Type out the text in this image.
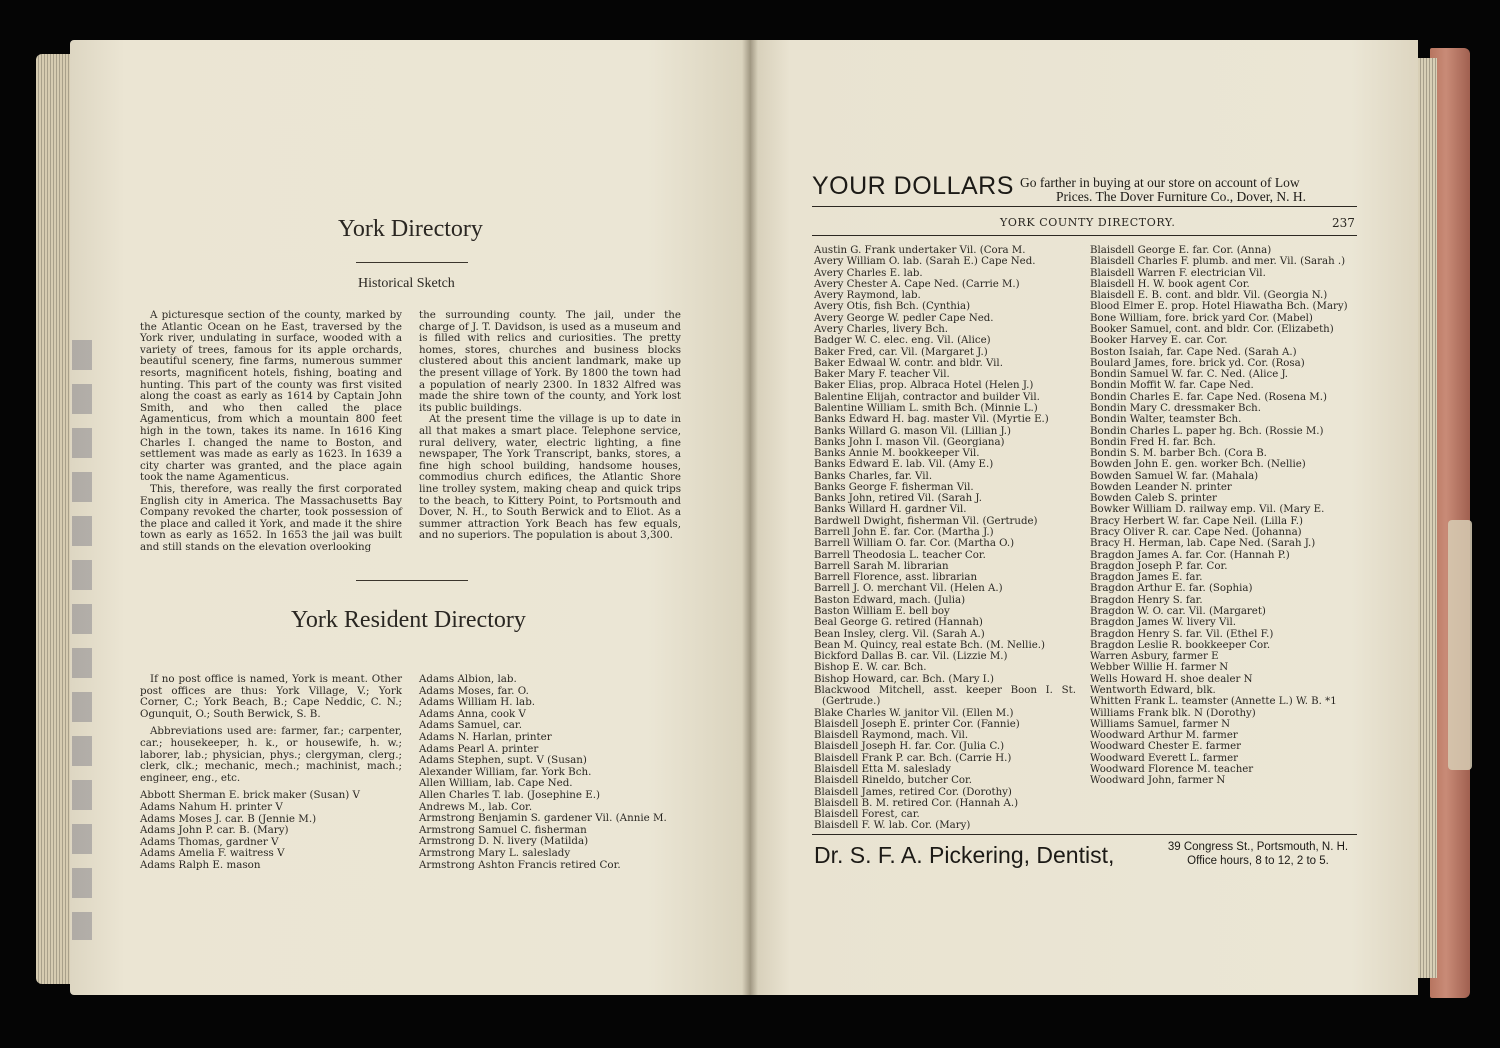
York Directory
Historical Sketch

A picturesque section of the county, marked by the Atlantic Ocean on he East, traversed by the York river, undulating in surface, wooded with a variety of trees, famous for its apple orchards, beautiful scenery, fine farms, numerous summer resorts, magnificent hotels, fishing, boating and hunting. This part of the county was first visited along the coast as early as 1614 by Captain John Smith, and who then called the place Agamenticus, from which a mountain 800 feet high in the town, takes its name. In 1616 King Charles I. changed the name to Boston, and settlement was made as early as 1623. In 1639 a city charter was granted, and the place again took the name Agamenticus.

This, therefore, was really the first corporated English city in America. The Massachusetts Bay Company revoked the charter, took possession of the place and called it York, and made it the shire town as early as 1652. In 1653 the jail was built and still stands on the elevation overlooking

the surrounding county. The jail, under the charge of J. T. Davidson, is used as a museum and is filled with relics and curiosities. The pretty homes, stores, churches and business blocks clustered about this ancient landmark, make up the present village of York. By 1800 the town had a population of nearly 2300. In 1832 Alfred was made the shire town of the county, and York lost its public buildings.

At the present time the village is up to date in all that makes a smart place. Telephone service, rural delivery, water, electric lighting, a fine newspaper, The York Transcript, banks, stores, a fine high school building, handsome houses, commodius church edifices, the Atlantic Shore line trolley system, making cheap and quick trips to the beach, to Kittery Point, to Portsmouth and Dover, N. H., to South Berwick and to Eliot. As a summer attraction York Beach has few equals, and no superiors. The population is about 3,300.

York Resident Directory

If no post office is named, York is meant. Other post offices are thus: York Village, V.; York Corner, C.; York Beach, B.; Cape Neddic, C. N.; Ogunquit, O.; South Berwick, S. B.

Abbreviations used are: farmer, far.; carpenter, car.; housekeeper, h. k., or housewife, h. w.; laborer, lab.; physician, phys.; clergyman, clerg.; clerk, clk.; mechanic, mech.; machinist, mach.; engineer, eng., etc.

Abbott Sherman E. brick maker (Susan) V
Adams Nahum H. printer V
Adams Moses J. car. B (Jennie M.)
Adams John P. car. B. (Mary)
Adams Thomas, gardner V
Adams Amelia F. waitress V
Adams Ralph E. mason
Adams Albion, lab.
Adams Moses, far. O.
Adams William H. lab.
Adams Anna, cook V
Adams Samuel, car.
Adams N. Harlan, printer
Adams Pearl A. printer
Adams Stephen, supt. V (Susan)
Alexander William, far. York Bch.
Allen William, lab. Cape Ned.
Allen Charles T. lab. (Josephine E.)
Andrews M., lab. Cor.
Armstrong Benjamin S. gardener Vil. (Annie M.
Armstrong Samuel C. fisherman
Armstrong D. N. livery (Matilda)
Armstrong Mary L. saleslady
Armstrong Ashton Francis retired Cor.
YOUR DOLLARS Go farther in buying at our store on account of Low
Prices. The Dover Furniture Co., Dover, N. H.
YORK COUNTY DIRECTORY.	237
Austin G. Frank undertaker Vil. (Cora M.
Avery William O. lab. (Sarah E.) Cape Ned.
Avery Charles E. lab.
Avery Chester A. Cape Ned. (Carrie M.)
Avery Raymond, lab.
Avery Otis, fish Bch. (Cynthia)
Avery George W. pedler Cape Ned.
Avery Charles, livery Bch.
Badger W. C. elec. eng. Vil. (Alice)
Baker Fred, car. Vil. (Margaret J.)
Baker Edwaal W. contr. and bldr. Vil.
Baker Mary F. teacher Vil.
Baker Elias, prop. Albraca Hotel (Helen J.)
Balentine Elijah, contractor and builder Vil.
Balentine William L. smith Bch. (Minnie L.)
Banks Edward H. bag. master Vil. (Myrtie E.)
Banks Willard G. mason Vil. (Lillian J.)
Banks John I. mason Vil. (Georgiana)
Banks Annie M. bookkeeper Vil.
Banks Edward E. lab. Vil. (Amy E.)
Banks Charles, far. Vil.
Banks George F. fisherman Vil.
Banks John, retired Vil. (Sarah J.
Banks Willard H. gardner Vil.
Bardwell Dwight, fisherman Vil. (Gertrude)
Barrell John E. far. Cor. (Martha J.)
Barrell William O. far. Cor. (Martha O.)
Barrell Theodosia L. teacher Cor.
Barrell Sarah M. librarian
Barrell Florence, asst. librarian
Barrell J. O. merchant Vil. (Helen A.)
Baston Edward, mach. (Julia)
Baston William E. bell boy
Beal George G. retired (Hannah)
Bean Insley, clerg. Vil. (Sarah A.)
Bean M. Quincy, real estate Bch. (M. Nellie.)
Bickford Dallas B. car. Vil. (Lizzie M.)
Bishop E. W. car. Bch.
Bishop Howard, car. Bch. (Mary I.)
Blackwood Mitchell, asst. keeper Boon I. St. (Gertrude.)
Blake Charles W. janitor Vil. (Ellen M.)
Blaisdell Joseph E. printer Cor. (Fannie)
Blaisdell Raymond, mach. Vil.
Blaisdell Joseph H. far. Cor. (Julia C.)
Blaisdell Frank P. car. Bch. (Carrie H.)
Blaisdell Etta M. saleslady
Blaisdell Rineldo, butcher Cor.
Blaisdell James, retired Cor. (Dorothy)
Blaisdell B. M. retired Cor. (Hannah A.)
Blaisdell Forest, car.
Blaisdell F. W. lab. Cor. (Mary)
Blaisdell George E. far. Cor. (Anna)
Blaisdell Charles F. plumb. and mer. Vil. (Sarah .)
Blaisdell Warren F. electrician Vil.
Blaisdell H. W. book agent Cor.
Blaisdell E. B. cont. and bldr. Vil. (Georgia N.)
Blood Elmer E. prop. Hotel Hiawatha Bch. (Mary)
Bone William, fore. brick yard Cor. (Mabel)
Booker Samuel, cont. and bldr. Cor. (Elizabeth)
Booker Harvey E. car. Cor.
Boston Isaiah, far. Cape Ned. (Sarah A.)
Boulard James, fore. brick yd. Cor. (Rosa)
Bondin Samuel W. far. C. Ned. (Alice J.
Bondin Moffit W. far. Cape Ned.
Bondin Charles E. far. Cape Ned. (Rosena M.)
Bondin Mary C. dressmaker Bch.
Bondin Walter, teamster Bch.
Bondin Charles L. paper hg. Bch. (Rossie M.)
Bondin Fred H. far. Bch.
Bondin S. M. barber Bch. (Cora B.
Bowden John E. gen. worker Bch. (Nellie)
Bowden Samuel W. far. (Mahala)
Bowden Leander N. printer
Bowden Caleb S. printer
Bowker William D. railway emp. Vil. (Mary E.
Bracy Herbert W. far. Cape Neil. (Lilla F.)
Bracy Oliver R. car. Cape Ned. (Johanna)
Bracy H. Herman, lab. Cape Ned. (Sarah J.)
Bragdon James A. far. Cor. (Hannah P.)
Bragdon Joseph P. far. Cor.
Bragdon James E. far.
Bragdon Arthur E. far. (Sophia)
Bragdon Henry S. far.
Bragdon W. O. car. Vil. (Margaret)
Bragdon James W. livery Vil.
Bragdon Henry S. far. Vil. (Ethel F.)
Bragdon Leslie R. bookkeeper Cor.
Warren Asbury, farmer E
Webber Willie H. farmer N
Wells Howard H. shoe dealer N
Wentworth Edward, blk.
Whitten Frank L. teamster (Annette L.) W. B. *1
Williams Frank blk. N (Dorothy)
Williams Samuel, farmer N
Woodward Arthur M. farmer
Woodward Chester E. farmer
Woodward Everett L. farmer
Woodward Florence M. teacher
Woodward John, farmer N
Dr. S. F. A. Pickering, Dentist,	39 Congress St., Portsmouth, N. H.
Office hours, 8 to 12, 2 to 5.
